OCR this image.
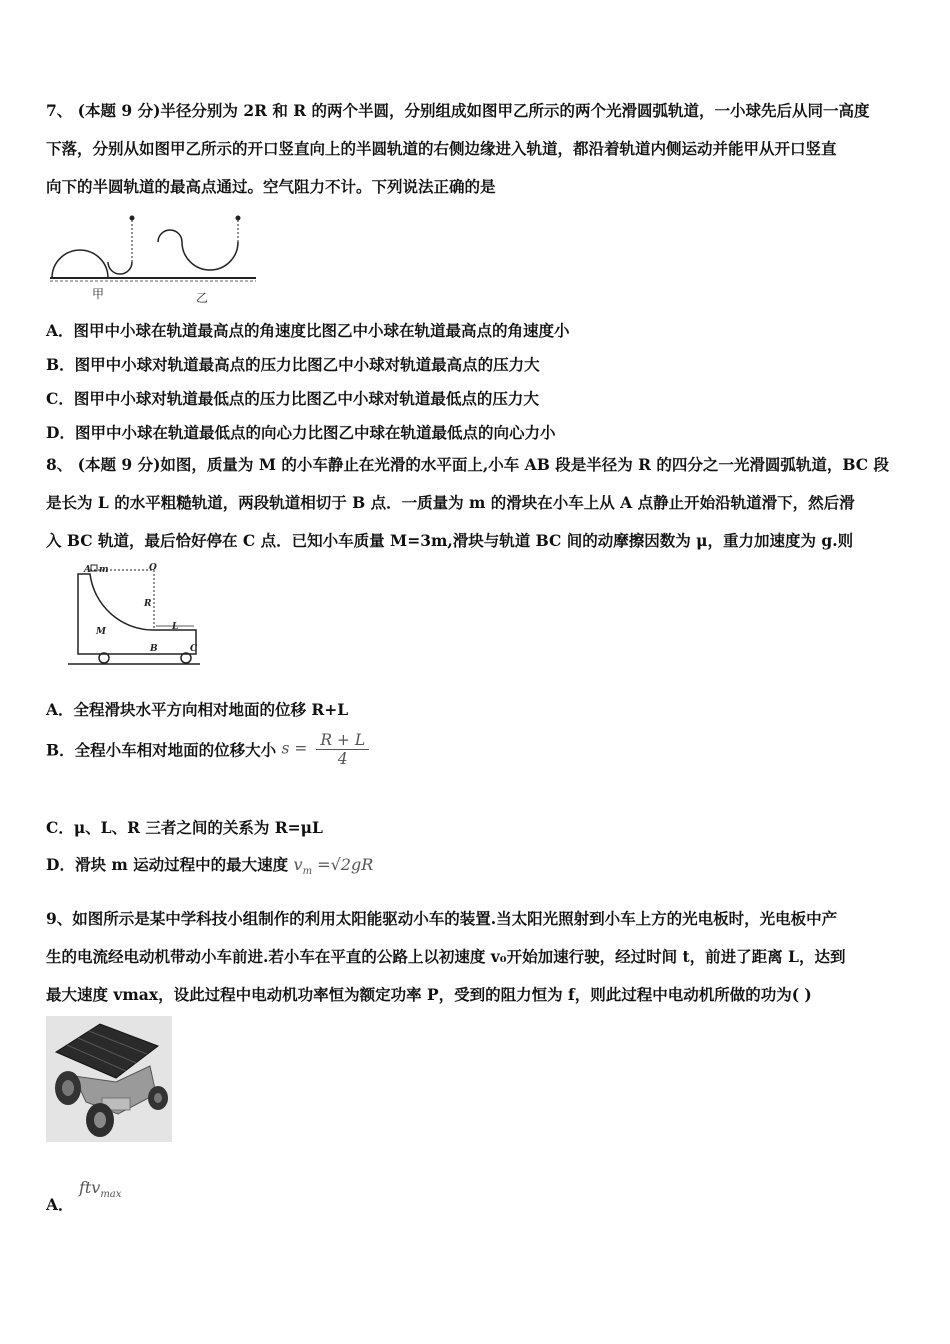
7、 (本题 9 分)半径分别为 2R 和 R 的两个半圆，分别组成如图甲乙所示的两个光滑圆弧轨道，一小球先后从同一高度
下落，分别从如图甲乙所示的开口竖直向上的半圆轨道的右侧边缘进入轨道，都沿着轨道内侧运动并能甲从开口竖直
向下的半圆轨道的最高点通过。空气阻力不计。下列说法正确的是
甲	乙
A．图甲中小球在轨道最高点的角速度比图乙中小球在轨道最高点的角速度小
B．图甲中小球对轨道最高点的压力比图乙中小球对轨道最高点的压力大
C．图甲中小球对轨道最低点的压力比图乙中小球对轨道最低点的压力大
D．图甲中小球在轨道最低点的向心力比图乙中球在轨道最低点的向心力小
8、 (本题 9 分)如图，质量为 M 的小车静止在光滑的水平面上,小车 AB 段是半径为 R 的四分之一光滑圆弧轨道，BC 段
是长为 L 的水平粗糙轨道，两段轨道相切于 B 点．一质量为 m 的滑块在小车上从 A 点静止开始沿轨道滑下，然后滑
入 BC 轨道，最后恰好停在 C 点．已知小车质量 M=3m,滑块与轨道 BC 间的动摩擦因数为 μ，重力加速度为 g.则
A m	O
R
M	L
B	C
A．全程滑块水平方向相对地面的位移 R+L
B．全程小车相对地面的位移大小 $s = \frac{R + L}{4}$
C．μ、L、R 三者之间的关系为 R=μL
D．滑块 m 运动过程中的最大速度 $v_m =√2gR$
9、如图所示是某中学科技小组制作的利用太阳能驱动小车的装置.当太阳光照射到小车上方的光电板时，光电板中产
生的电流经电动机带动小车前进.若小车在平直的公路上以初速度 v₀开始加速行驶，经过时间 t，前进了距离 L，达到
最大速度 vmax，设此过程中电动机功率恒为额定功率 P，受到的阻力恒为 f，则此过程中电动机所做的功为( )
A． ftv$_{max}$
